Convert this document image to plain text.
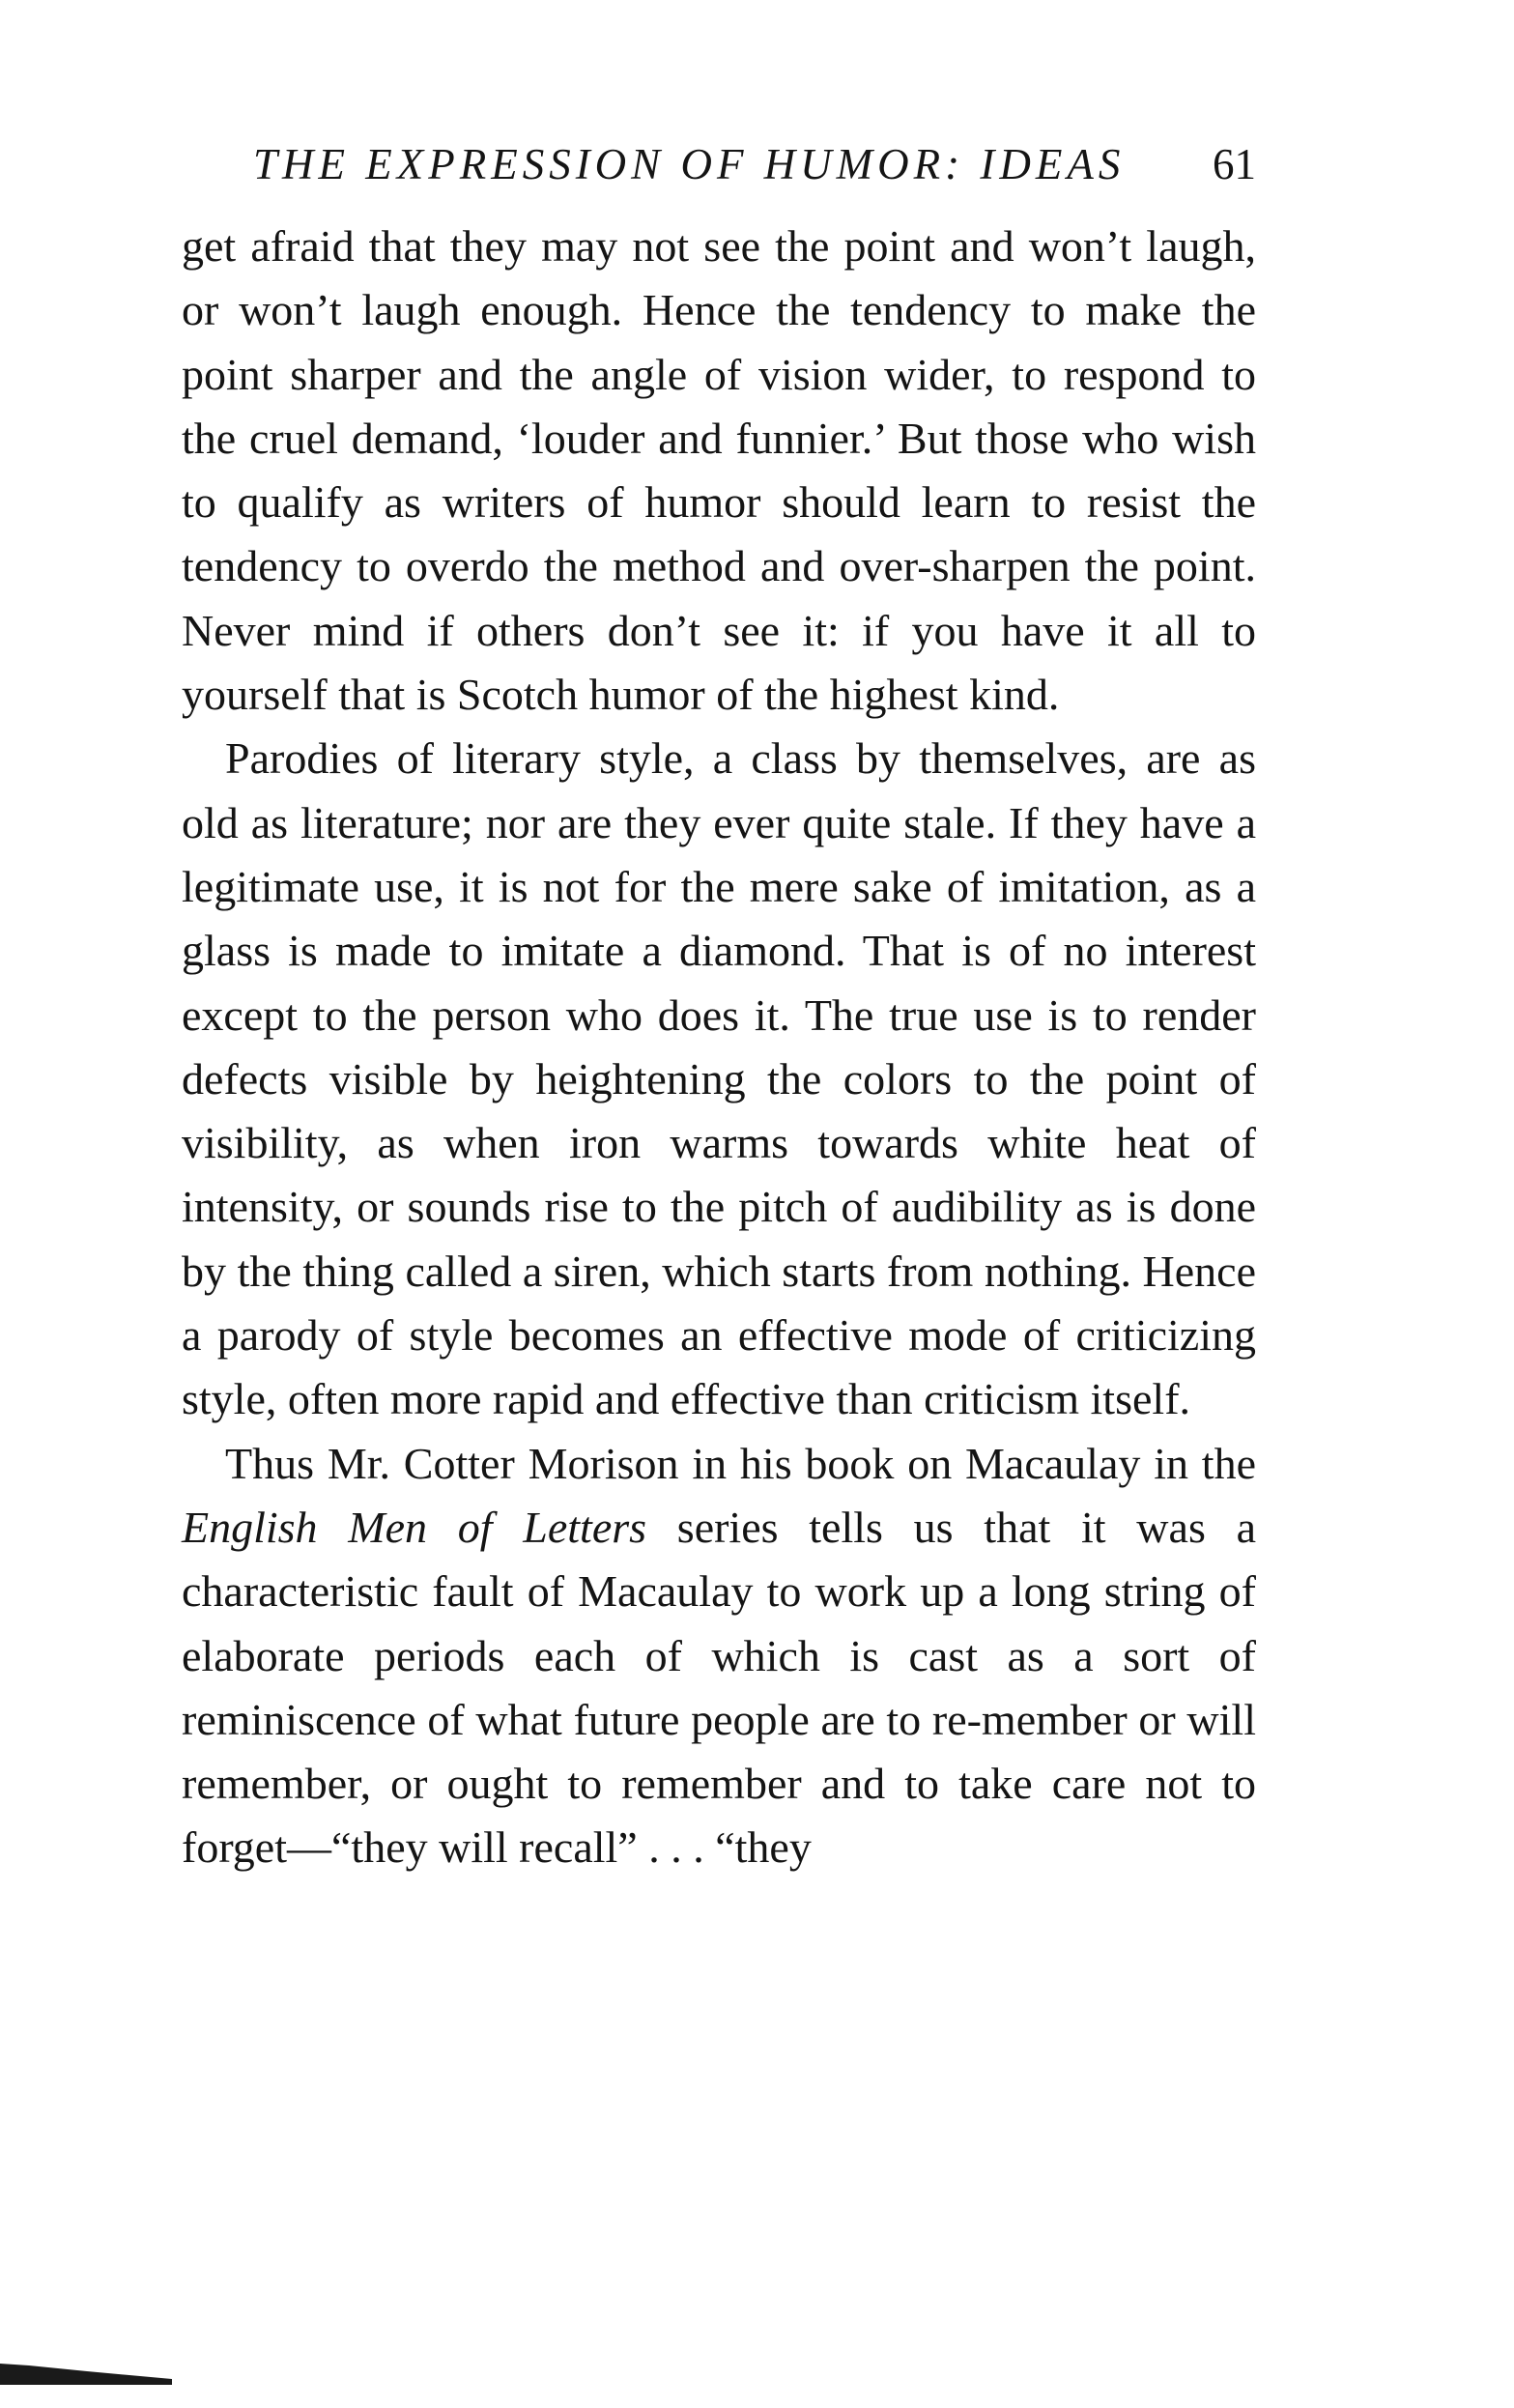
THE EXPRESSION OF HUMOR: IDEAS 61

get afraid that they may not see the point and won’t laugh, or won’t laugh enough. Hence the tendency to make the point sharper and the angle of vision wider, to respond to the cruel demand, ‘louder and funnier.’ But those who wish to qualify as writers of humor should learn to resist the tendency to overdo the method and over-sharpen the point. Never mind if others don’t see it: if you have it all to yourself that is Scotch humor of the highest kind.

Parodies of literary style, a class by themselves, are as old as literature; nor are they ever quite stale. If they have a legitimate use, it is not for the mere sake of imitation, as a glass is made to imitate a diamond. That is of no interest except to the person who does it. The true use is to render defects visible by heightening the colors to the point of visibility, as when iron warms towards white heat of intensity, or sounds rise to the pitch of audibility as is done by the thing called a siren, which starts from nothing. Hence a parody of style becomes an effective mode of criticizing style, often more rapid and effective than criticism itself.

Thus Mr. Cotter Morison in his book on Macaulay in the English Men of Letters series tells us that it was a characteristic fault of Macaulay to work up a long string of elaborate periods each of which is cast as a sort of reminiscence of what future people are to re-member or will remember, or ought to remember and to take care not to forget—“they will recall” . . . “they
